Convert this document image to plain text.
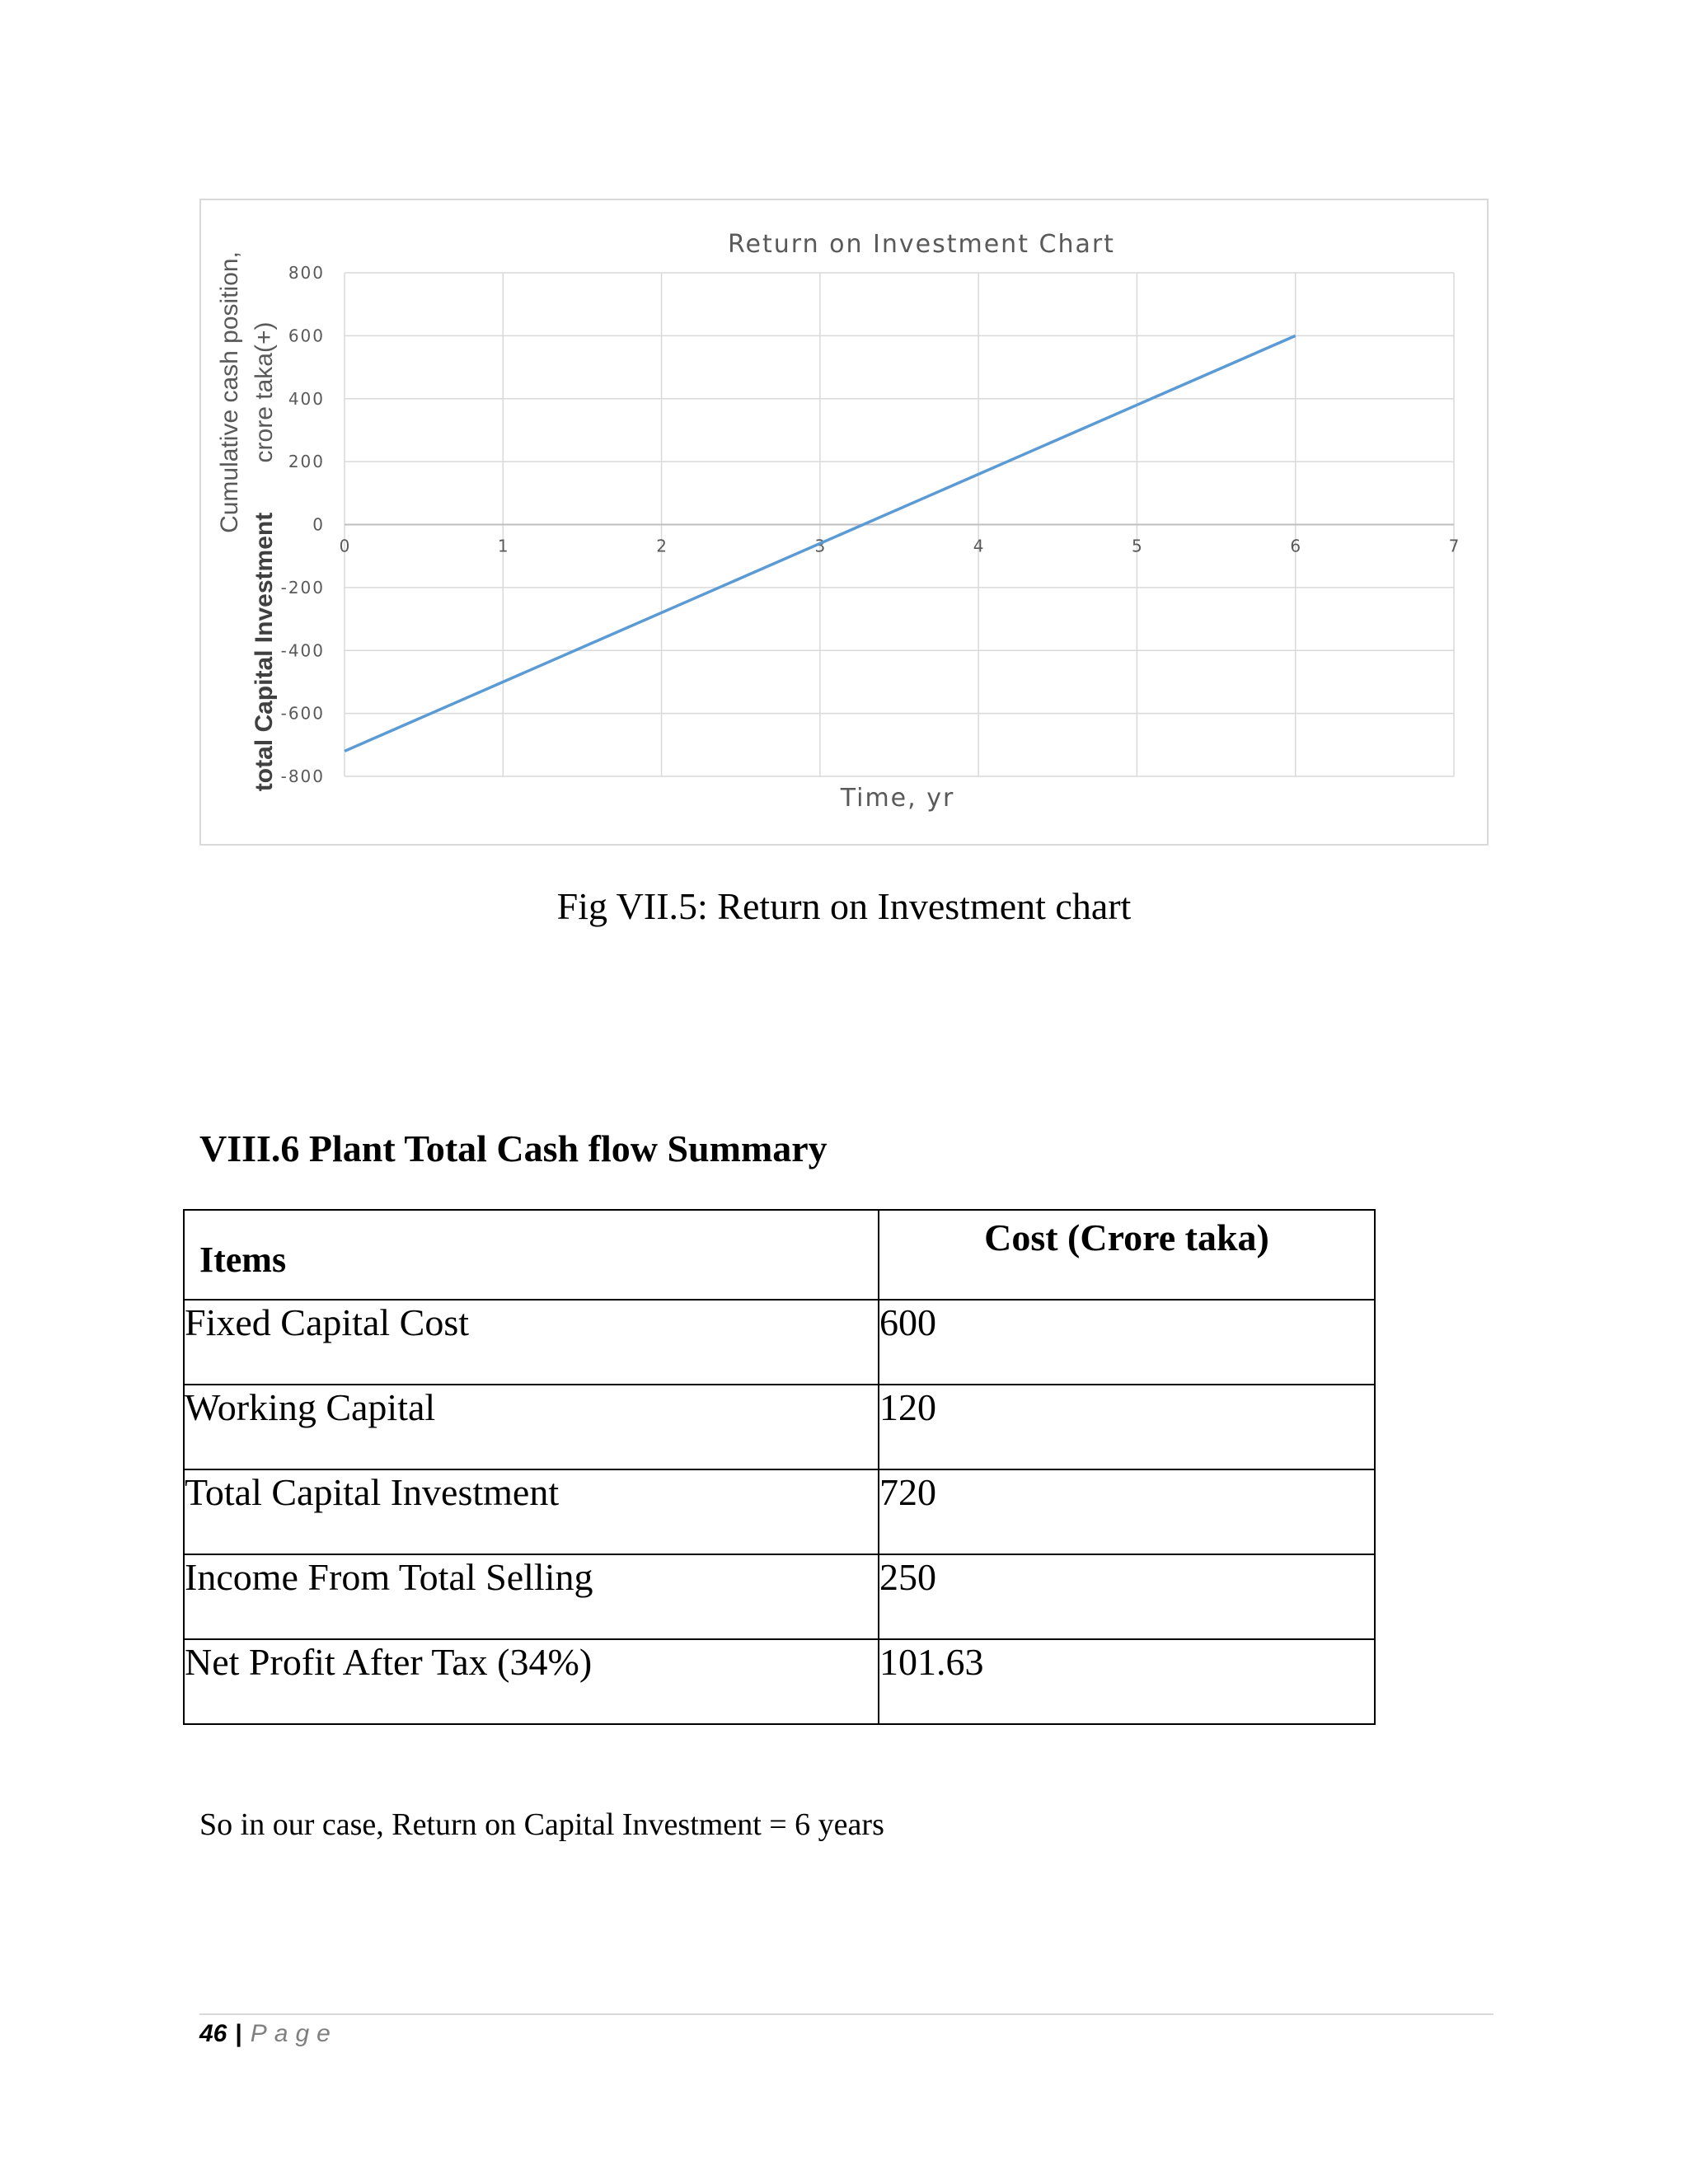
800
600
400
200
0
-200
-400
-600
-800
0	1	2	3	4	5	6	7
Return on Investment Chart
Time, yr
Cumulative cash position, crore taka(+)
total Capital Investment
Fig VII.5: Return on Investment chart
VIII.6 Plant Total Cash flow Summary
Items	Cost (Crore taka)

Fixed Capital Cost	600
Working Capital	120
Total Capital Investment	720
Income From Total Selling	250
Net Profit After Tax (34%)	101.63
So in our case, Return on Capital Investment = 6 years
46 | Page
